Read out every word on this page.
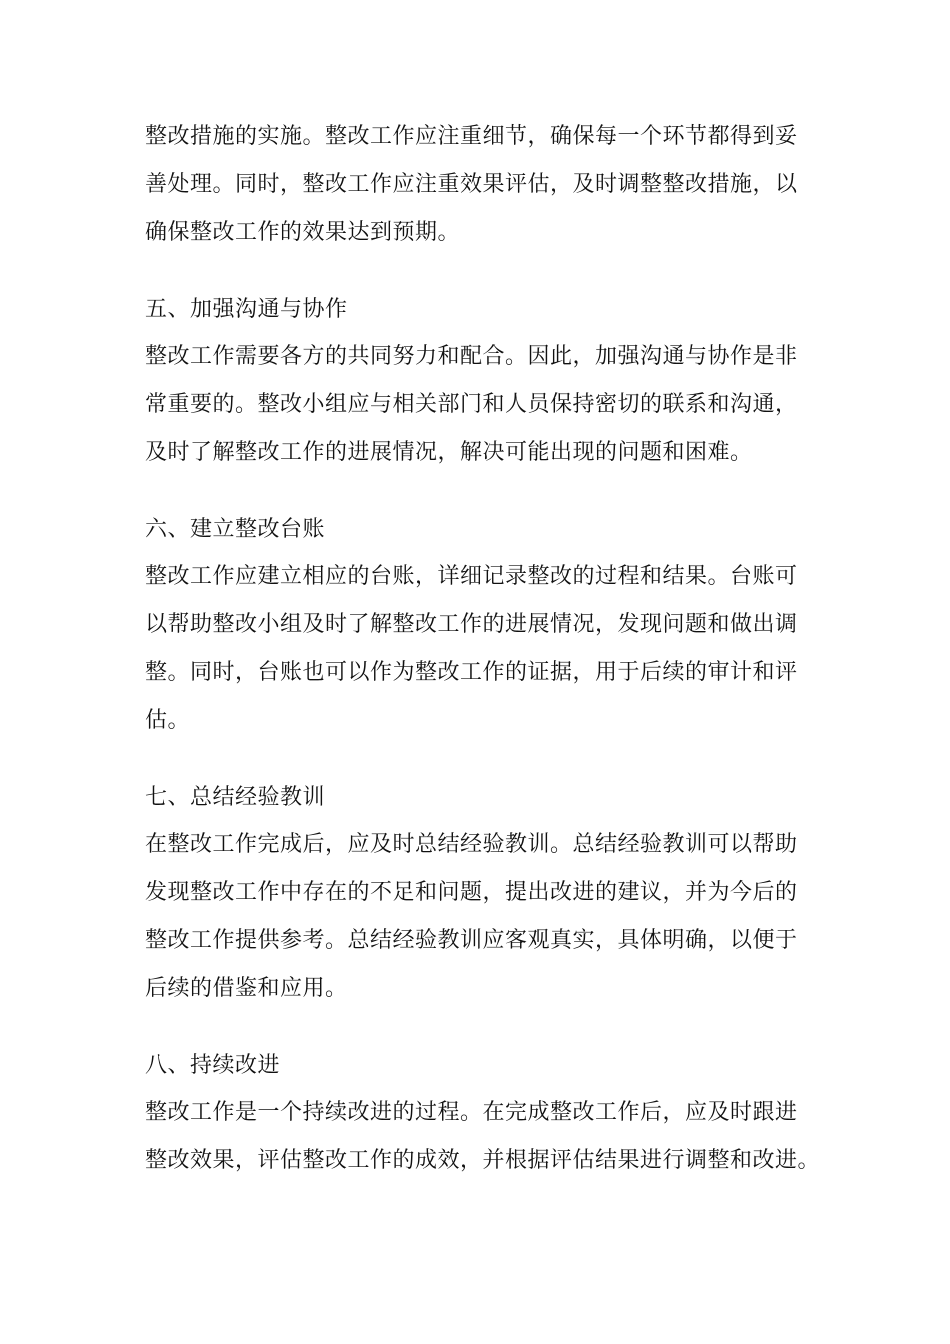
整改措施的实施。整改工作应注重细节，确保每一个环节都得到妥
善处理。同时，整改工作应注重效果评估，及时调整整改措施，以
确保整改工作的效果达到预期。
五、加强沟通与协作
整改工作需要各方的共同努力和配合。因此，加强沟通与协作是非
常重要的。整改小组应与相关部门和人员保持密切的联系和沟通，
及时了解整改工作的进展情况，解决可能出现的问题和困难。
六、建立整改台账
整改工作应建立相应的台账，详细记录整改的过程和结果。台账可
以帮助整改小组及时了解整改工作的进展情况，发现问题和做出调
整。同时，台账也可以作为整改工作的证据，用于后续的审计和评
估。
七、总结经验教训
在整改工作完成后，应及时总结经验教训。总结经验教训可以帮助
发现整改工作中存在的不足和问题，提出改进的建议，并为今后的
整改工作提供参考。总结经验教训应客观真实，具体明确，以便于
后续的借鉴和应用。
八、持续改进
整改工作是一个持续改进的过程。在完成整改工作后，应及时跟进
整改效果，评估整改工作的成效，并根据评估结果进行调整和改进。
